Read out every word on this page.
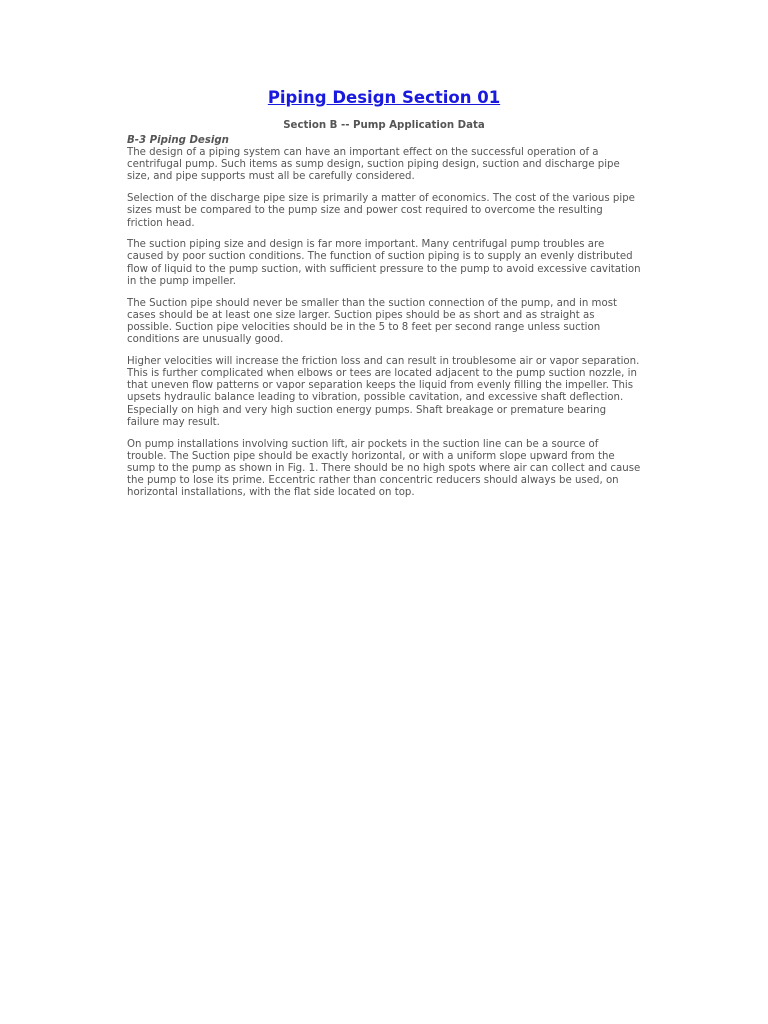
Piping Design Section 01
Section B -- Pump Application Data
B-3 Piping Design

The design of a piping system can have an important effect on the successful operation of a centrifugal pump. Such items as sump design, suction piping design, suction and discharge pipe size, and pipe supports must all be carefully considered.

Selection of the discharge pipe size is primarily a matter of economics. The cost of the various pipe sizes must be compared to the pump size and power cost required to overcome the resulting friction head.

The suction piping size and design is far more important. Many centrifugal pump troubles are caused by poor suction conditions. The function of suction piping is to supply an evenly distributed flow of liquid to the pump suction, with sufficient pressure to the pump to avoid excessive cavitation in the pump impeller.

The Suction pipe should never be smaller than the suction connection of the pump, and in most cases should be at least one size larger. Suction pipes should be as short and as straight as possible. Suction pipe velocities should be in the 5 to 8 feet per second range unless suction conditions are unusually good.

Higher velocities will increase the friction loss and can result in troublesome air or vapor separation. This is further complicated when elbows or tees are located adjacent to the pump suction nozzle, in that uneven flow patterns or vapor separation keeps the liquid from evenly filling the impeller. This upsets hydraulic balance leading to vibration, possible cavitation, and excessive shaft deflection. Especially on high and very high suction energy pumps. Shaft breakage or premature bearing failure may result.

On pump installations involving suction lift, air pockets in the suction line can be a source of trouble. The Suction pipe should be exactly horizontal, or with a uniform slope upward from the sump to the pump as shown in Fig. 1. There should be no high spots where air can collect and cause the pump to lose its prime. Eccentric rather than concentric reducers should always be used, on horizontal installations, with the flat side located on top.
